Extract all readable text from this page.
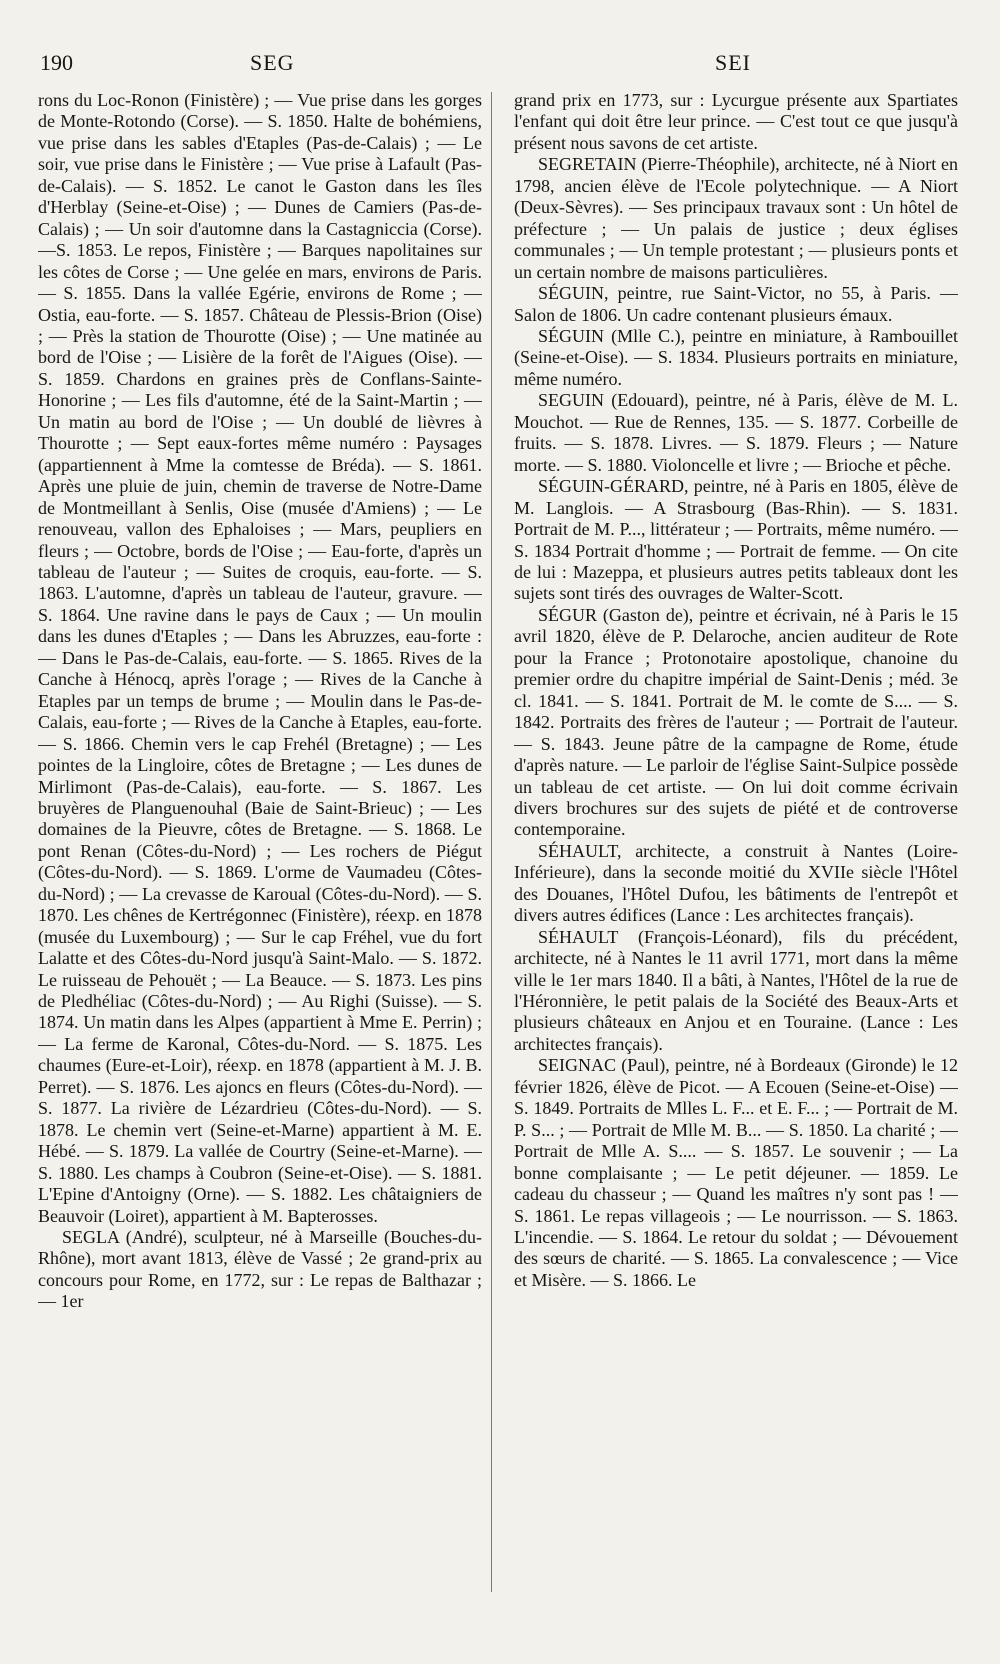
190	SEG	SEI

rons du Loc-Ronon (Finistère) ; — Vue prise dans les gorges de Monte-Rotondo (Corse). — S. 1850. Halte de bohémiens, vue prise dans les sables d'Etaples (Pas-de-Calais) ; — Le soir, vue prise dans le Finistère ; — Vue prise à Lafault (Pas-de-Calais). — S. 1852. Le canot le Gaston dans les îles d'Herblay (Seine-et-Oise) ; — Dunes de Camiers (Pas-de-Calais) ; — Un soir d'automne dans la Castagniccia (Corse). —S. 1853. Le repos, Finistère ; — Barques napolitaines sur les côtes de Corse ; — Une gelée en mars, environs de Paris. — S. 1855. Dans la vallée Egérie, environs de Rome ; — Ostia, eau-forte. — S. 1857. Château de Plessis-Brion (Oise) ; — Près la station de Thourotte (Oise) ; — Une matinée au bord de l'Oise ; — Lisière de la forêt de l'Aigues (Oise). — S. 1859. Chardons en graines près de Conflans-Sainte-Honorine ; — Les fils d'automne, été de la Saint-Martin ; — Un matin au bord de l'Oise ; — Un doublé de lièvres à Thourotte ; — Sept eaux-fortes même numéro : Paysages (appartiennent à Mme la comtesse de Bréda). — S. 1861. Après une pluie de juin, chemin de traverse de Notre-Dame de Montmeillant à Senlis, Oise (musée d'Amiens) ; — Le renouveau, vallon des Ephaloises ; — Mars, peupliers en fleurs ; — Octobre, bords de l'Oise ; — Eau-forte, d'après un tableau de l'auteur ; — Suites de croquis, eau-forte. — S. 1863. L'automne, d'après un tableau de l'auteur, gravure. — S. 1864. Une ravine dans le pays de Caux ; — Un moulin dans les dunes d'Etaples ; — Dans les Abruzzes, eau-forte : — Dans le Pas-de-Calais, eau-forte. — S. 1865. Rives de la Canche à Hénocq, après l'orage ; — Rives de la Canche à Etaples par un temps de brume ; — Moulin dans le Pas-de-Calais, eau-forte ; — Rives de la Canche à Etaples, eau-forte. — S. 1866. Chemin vers le cap Frehél (Bretagne) ; — Les pointes de la Lingloire, côtes de Bretagne ; — Les dunes de Mirlimont (Pas-de-Calais), eau-forte. — S. 1867. Les bruyères de Planguenouhal (Baie de Saint-Brieuc) ; — Les domaines de la Pieuvre, côtes de Bretagne. — S. 1868. Le pont Renan (Côtes-du-Nord) ; — Les rochers de Piégut (Côtes-du-Nord). — S. 1869. L'orme de Vaumadeu (Côtes-du-Nord) ; — La crevasse de Karoual (Côtes-du-Nord). — S. 1870. Les chênes de Kertrégonnec (Finistère), réexp. en 1878 (musée du Luxembourg) ; — Sur le cap Fréhel, vue du fort Lalatte et des Côtes-du-Nord jusqu'à Saint-Malo. — S. 1872. Le ruisseau de Pehouët ; — La Beauce. — S. 1873. Les pins de Pledhéliac (Côtes-du-Nord) ; — Au Righi (Suisse). — S. 1874. Un matin dans les Alpes (appartient à Mme E. Perrin) ; — La ferme de Karonal, Côtes-du-Nord. — S. 1875. Les chaumes (Eure-et-Loir), réexp. en 1878 (appartient à M. J. B. Perret). — S. 1876. Les ajoncs en fleurs (Côtes-du-Nord). — S. 1877. La rivière de Lézardrieu (Côtes-du-Nord). — S. 1878. Le chemin vert (Seine-et-Marne) appartient à M. E. Hébé. — S. 1879. La vallée de Courtry (Seine-et-Marne). — S. 1880. Les champs à Coubron (Seine-et-Oise). — S. 1881. L'Epine d'Antoigny (Orne). — S. 1882. Les châtaigniers de Beauvoir (Loiret), appartient à M. Bapterosses.

SEGLA (André), sculpteur, né à Marseille (Bouches-du-Rhône), mort avant 1813, élève de Vassé ; 2e grand-prix au concours pour Rome, en 1772, sur : Le repas de Balthazar ; — 1er

grand prix en 1773, sur : Lycurgue présente aux Spartiates l'enfant qui doit être leur prince. — C'est tout ce que jusqu'à présent nous savons de cet artiste.

SEGRETAIN (Pierre-Théophile), architecte, né à Niort en 1798, ancien élève de l'Ecole polytechnique. — A Niort (Deux-Sèvres). — Ses principaux travaux sont : Un hôtel de préfecture ; — Un palais de justice ; deux églises communales ; — Un temple protestant ; — plusieurs ponts et un certain nombre de maisons particulières.

SÉGUIN, peintre, rue Saint-Victor, no 55, à Paris. — Salon de 1806. Un cadre contenant plusieurs émaux.

SÉGUIN (Mlle C.), peintre en miniature, à Rambouillet (Seine-et-Oise). — S. 1834. Plusieurs portraits en miniature, même numéro.

SEGUIN (Edouard), peintre, né à Paris, élève de M. L. Mouchot. — Rue de Rennes, 135. — S. 1877. Corbeille de fruits. — S. 1878. Livres. — S. 1879. Fleurs ; — Nature morte. — S. 1880. Violoncelle et livre ; — Brioche et pêche.

SÉGUIN-GÉRARD, peintre, né à Paris en 1805, élève de M. Langlois. — A Strasbourg (Bas-Rhin). — S. 1831. Portrait de M. P..., littérateur ; — Portraits, même numéro. — S. 1834 Portrait d'homme ; — Portrait de femme. — On cite de lui : Mazeppa, et plusieurs autres petits tableaux dont les sujets sont tirés des ouvrages de Walter-Scott.

SÉGUR (Gaston de), peintre et écrivain, né à Paris le 15 avril 1820, élève de P. Delaroche, ancien auditeur de Rote pour la France ; Protonotaire apostolique, chanoine du premier ordre du chapitre impérial de Saint-Denis ; méd. 3e cl. 1841. — S. 1841. Portrait de M. le comte de S.... — S. 1842. Portraits des frères de l'auteur ; — Portrait de l'auteur. — S. 1843. Jeune pâtre de la campagne de Rome, étude d'après nature. — Le parloir de l'église Saint-Sulpice possède un tableau de cet artiste. — On lui doit comme écrivain divers brochures sur des sujets de piété et de controverse contemporaine.

SÉHAULT, architecte, a construit à Nantes (Loire-Inférieure), dans la seconde moitié du XVIIe siècle l'Hôtel des Douanes, l'Hôtel Dufou, les bâtiments de l'entrepôt et divers autres édifices (Lance : Les architectes français).

SÉHAULT (François-Léonard), fils du précédent, architecte, né à Nantes le 11 avril 1771, mort dans la même ville le 1er mars 1840. Il a bâti, à Nantes, l'Hôtel de la rue de l'Héronnière, le petit palais de la Société des Beaux-Arts et plusieurs châteaux en Anjou et en Touraine. (Lance : Les architectes français).

SEIGNAC (Paul), peintre, né à Bordeaux (Gironde) le 12 février 1826, élève de Picot. — A Ecouen (Seine-et-Oise) — S. 1849. Portraits de Mlles L. F... et E. F... ; — Portrait de M. P. S... ; — Portrait de Mlle M. B... — S. 1850. La charité ; — Portrait de Mlle A. S.... — S. 1857. Le souvenir ; — La bonne complaisante ; — Le petit déjeuner. — 1859. Le cadeau du chasseur ; — Quand les maîtres n'y sont pas ! — S. 1861. Le repas villageois ; — Le nourrisson. — S. 1863. L'incendie. — S. 1864. Le retour du soldat ; — Dévouement des sœurs de charité. — S. 1865. La convalescence ; — Vice et Misère. — S. 1866. Le
